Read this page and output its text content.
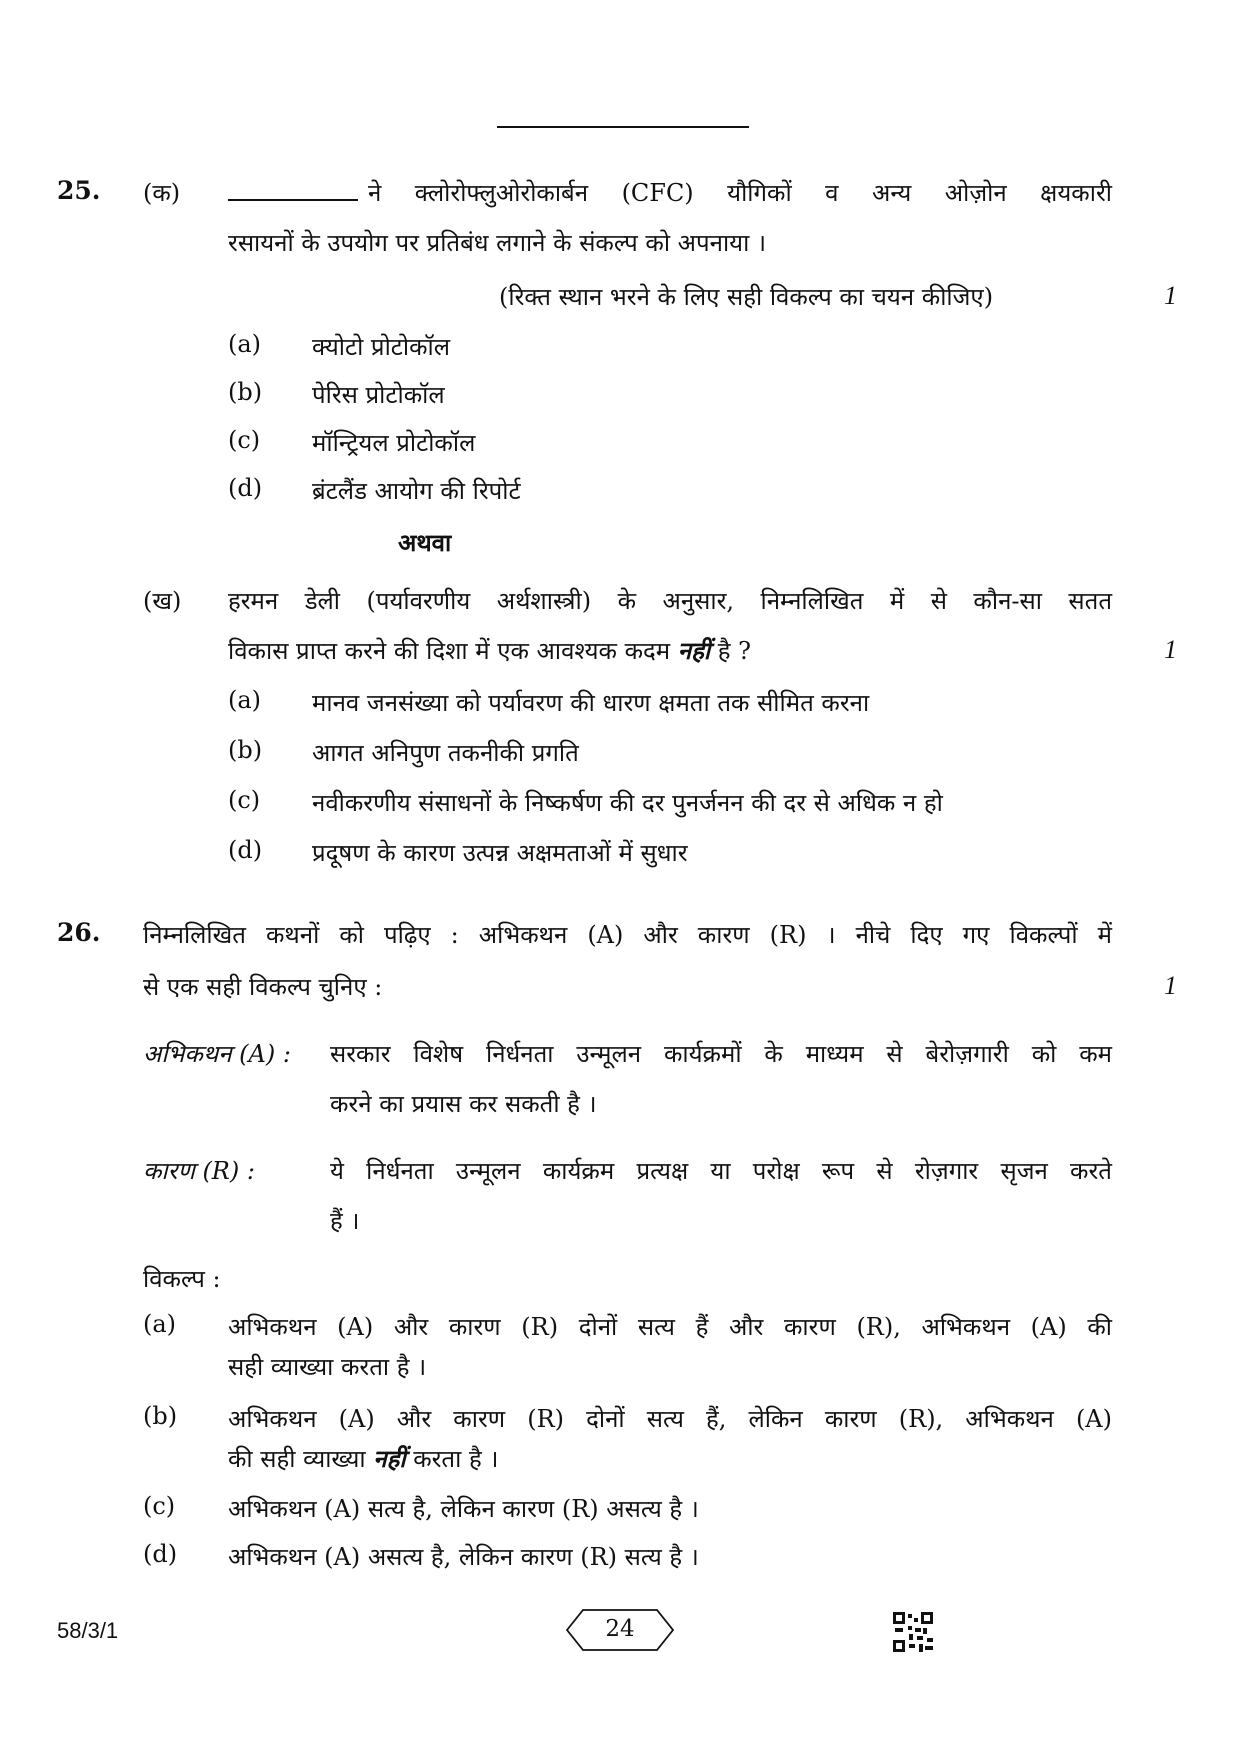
25. (क)	ने क्लोरोफ्लुओरोकार्बन (CFC) यौगिकों व अन्य ओज़ोन क्षयकारी
रसायनों के उपयोग पर प्रतिबंध लगाने के संकल्प को अपनाया ।
(रिक्त स्थान भरने के लिए सही विकल्प का चयन कीजिए)	1
(a) क्योटो प्रोटोकॉल
(b) पेरिस प्रोटोकॉल
(c) मॉन्ट्रियल प्रोटोकॉल
(d) ब्रंटलैंड आयोग की रिपोर्ट
अथवा
(ख) हरमन डेली (पर्यावरणीय अर्थशास्त्री) के अनुसार, निम्नलिखित में से कौन-सा सतत
विकास प्राप्त करने की दिशा में एक आवश्यक कदम नहीं है ?	1
(a) मानव जनसंख्या को पर्यावरण की धारण क्षमता तक सीमित करना
(b) आगत अनिपुण तकनीकी प्रगति
(c) नवीकरणीय संसाधनों के निष्कर्षण की दर पुनर्जनन की दर से अधिक न हो
(d) प्रदूषण के कारण उत्पन्न अक्षमताओं में सुधार
26. निम्नलिखित कथनों को पढ़िए : अभिकथन (A) और कारण (R) । नीचे दिए गए विकल्पों में
से एक सही विकल्प चुनिए :	1
अभिकथन (A) : सरकार विशेष निर्धनता उन्मूलन कार्यक्रमों के माध्यम से बेरोज़गारी को कम
करने का प्रयास कर सकती है ।
कारण (R) :	ये निर्धनता उन्मूलन कार्यक्रम प्रत्यक्ष या परोक्ष रूप से रोज़गार सृजन करते
हैं ।
विकल्प :
(a) अभिकथन (A) और कारण (R) दोनों सत्य हैं और कारण (R), अभिकथन (A) की
सही व्याख्या करता है ।
(b) अभिकथन (A) और कारण (R) दोनों सत्य हैं, लेकिन कारण (R), अभिकथन (A)
की सही व्याख्या नहीं करता है ।
(c) अभिकथन (A) सत्य है, लेकिन कारण (R) असत्य है ।
(d) अभिकथन (A) असत्य है, लेकिन कारण (R) सत्य है ।
58/3/1	24
